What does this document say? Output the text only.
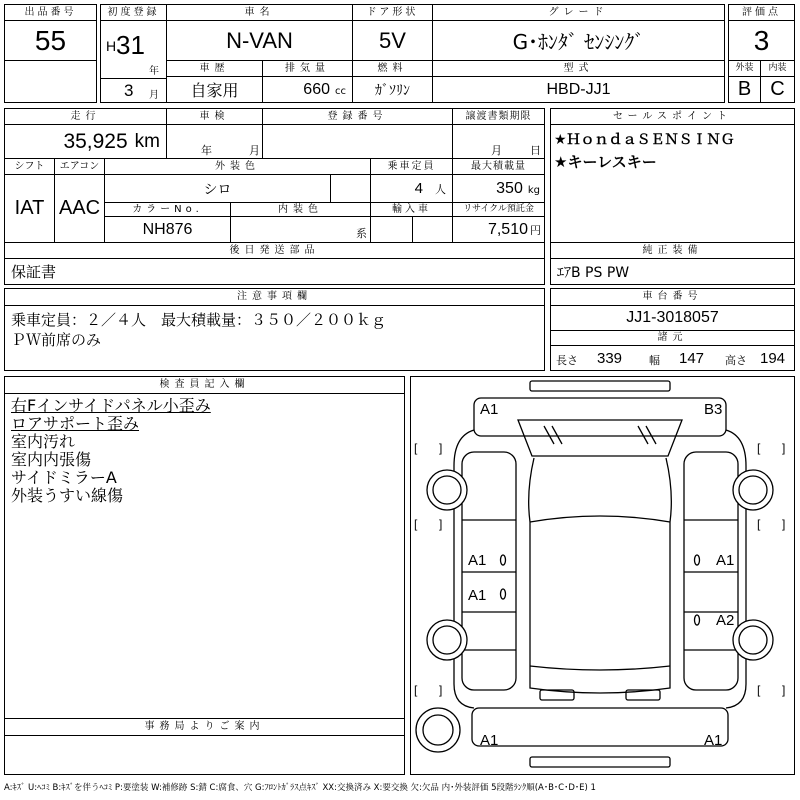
出品番号
55
初度登録
H 31
年
3 月
車名
N-VAN
ドア形状
5V
グレード
G･ﾎﾝﾀﾞ ｾﾝｼﾝｸﾞ
評価点
3
車歴
自家用
排気量
660 cc
燃料
ｶﾞｿﾘﾝ
型式
HBD-JJ1
外装
B
内装
C
走行
35,925 km
車検
年	月
登録番号	譲渡書類期限
月	日
シフト
IAT
エアコン
AAC
外装色
シロ
乗車定員
4 人
最大積載量
350 kg
カラーNo.
NH876
内装色
系
輸入車	リサイクル預託金
7,510 円
セールスポイント
★ＨｏｎｄａＳＥＮＳＩＮＧ
★キーレスキー
後日発送部品
保証書
純正装備
ｴｱB PS PW
注意事項欄
乗車定員：２／４人　最大積載量：３５０／２００ｋｇ
ＰＷ前席のみ
車台番号
JJ1-3018057
諸元
長さ 339 幅 147 高さ 194
検査員記入欄
右Fインサイドパネル小歪み
ロアサポート歪み
室内汚れ
室内内張傷
サイドミラーA
外装うすい線傷
事務局よりご案内
[ ]
[ ]
[ ]
[ ]
[ ]
[ ]
A1	B3
A1	A1
A1
A2
A1	A1
A:ｷｽﾞ U:ﾍｺﾐ B:ｷｽﾞを伴うﾍｺﾐ P:要塗装 W:補修跡 S:錆 C:腐食、穴 G:ﾌﾛﾝﾄｶﾞﾗｽ点ｷｽﾞ XX:交換済み X:要交換 欠:欠品 内･外装評価 5段階ﾗﾝｸ順(A･B･C･D･E) 1
